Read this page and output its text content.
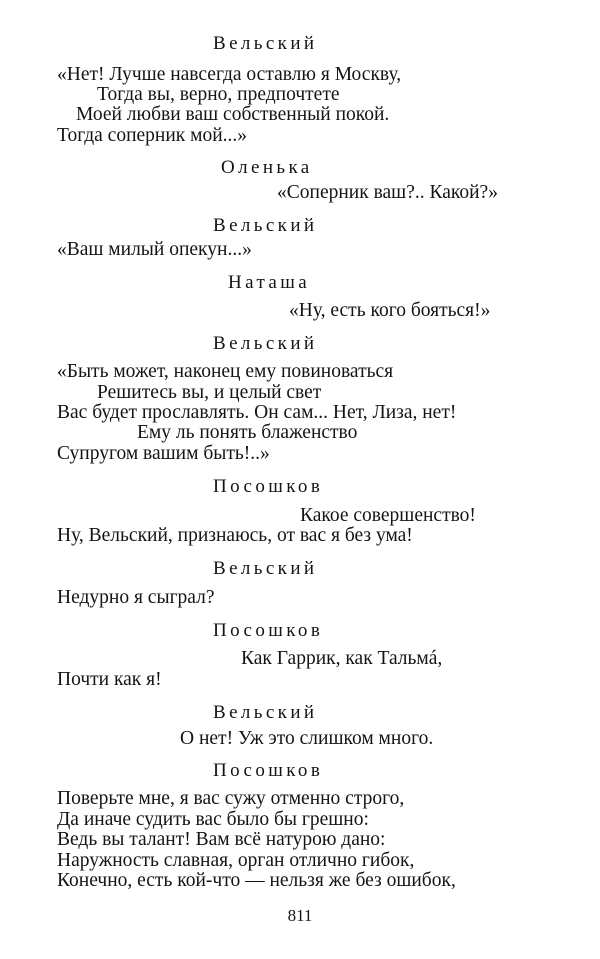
Вельский
«Нет! Лучше навсегда оставлю я Москву,
Тогда вы, верно, предпочтете
Моей любви ваш собственный покой.
Тогда соперник мой...»
Оленька
«Соперник ваш?.. Какой?»
Вельский
«Ваш милый опекун...»
Наташа
«Ну, есть кого бояться!»
Вельский
«Быть может, наконец ему повиноваться
Решитесь вы, и целый свет
Вас будет прославлять. Он сам... Нет, Лиза, нет!
Ему ль понять блаженство
Супругом вашим быть!..»
Посошков
Какое совершенство!
Ну, Вельский, признаюсь, от вас я без ума!
Вельский
Недурно я сыграл?
Посошков
Как Гаррик, как Тальмá,
Почти как я!
Вельский
О нет! Уж это слишком много.
Посошков
Поверьте мне, я вас сужу отменно строго,
Да иначе судить вас было бы грешно:
Ведь вы талант! Вам всё натурою дано:
Наружность славная, орган отлично гибок,
Конечно, есть кой-что — нельзя же без ошибок,
811
